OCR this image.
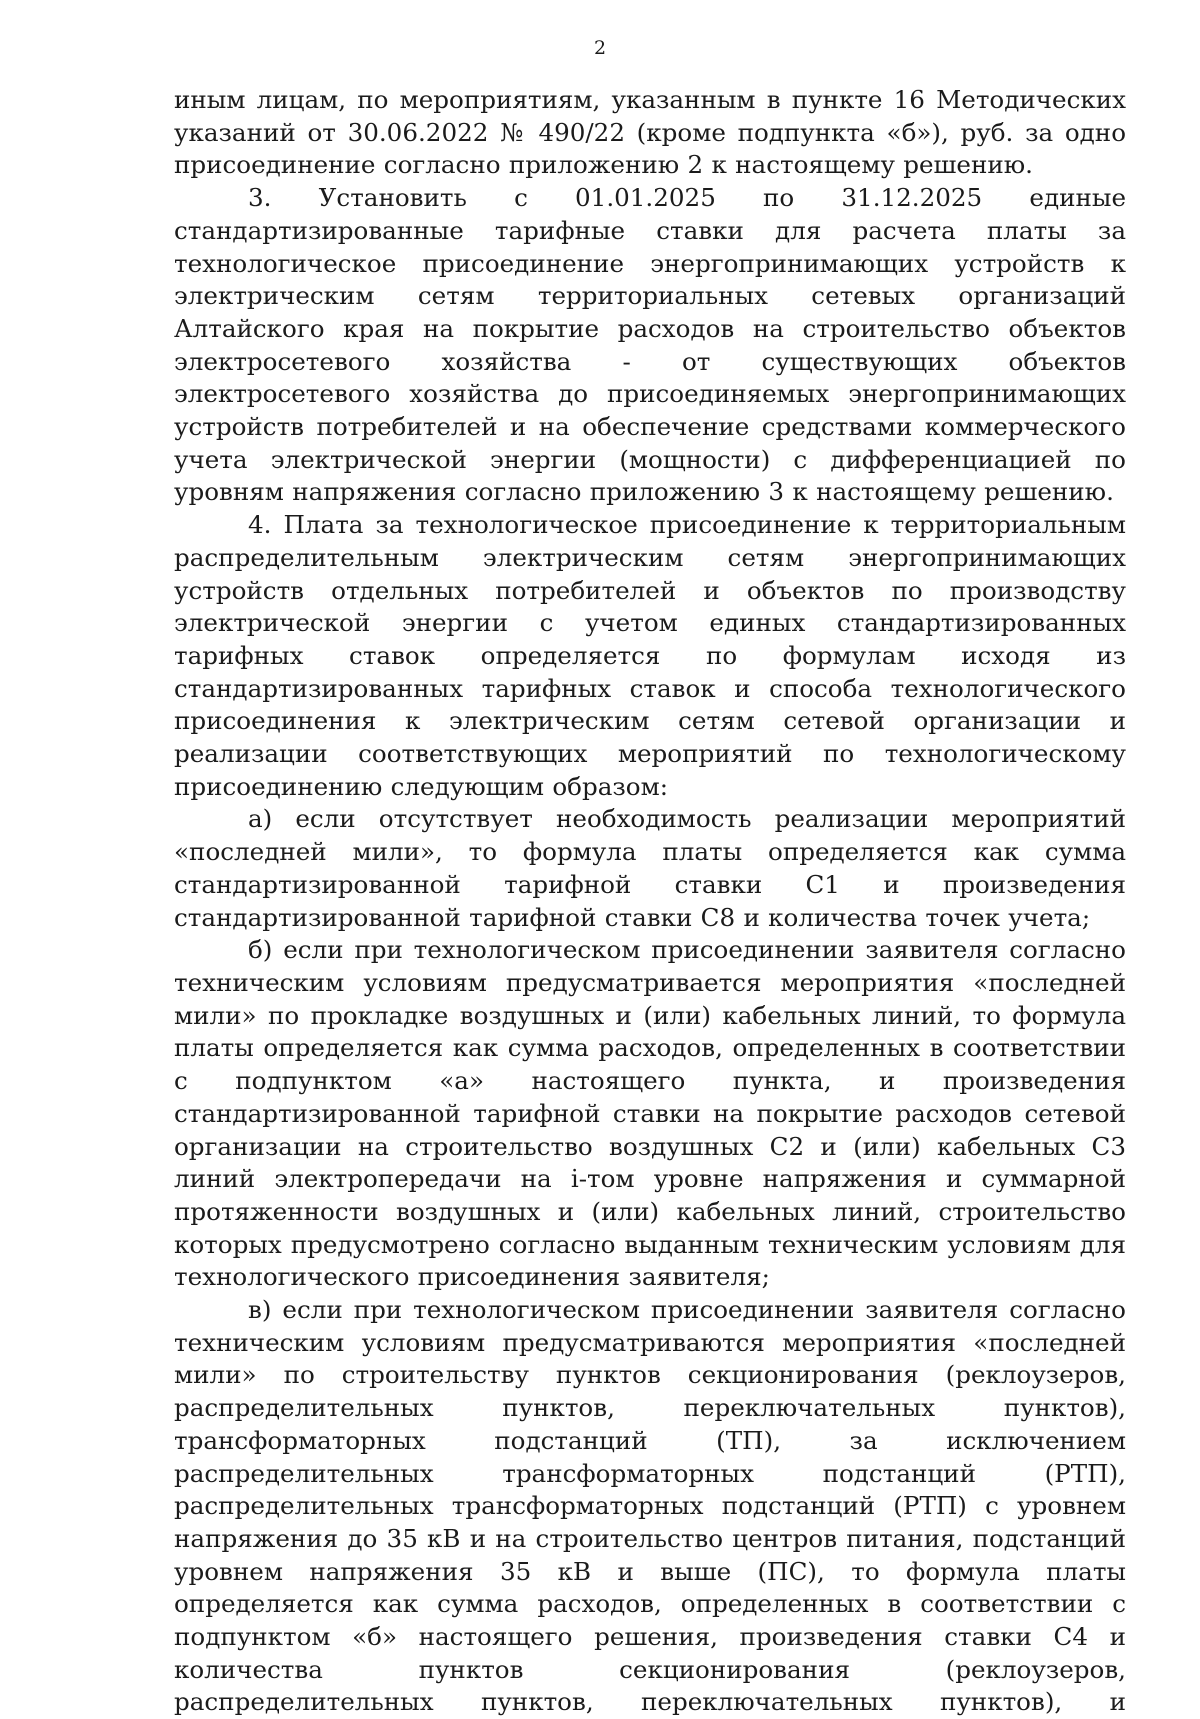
2

иным лицам, по мероприятиям, указанным в пункте 16 Методических указаний от 30.06.2022 № 490/22 (кроме подпункта «б»), руб. за одно присоединение согласно приложению 2 к настоящему решению.

3. Установить с 01.01.2025 по 31.12.2025 единые стандартизированные тарифные ставки для расчета платы за технологическое присоединение энергопринимающих устройств к электрическим сетям территориальных сетевых организаций Алтайского края на покрытие расходов на строительство объектов электросетевого хозяйства - от существующих объектов электросетевого хозяйства до присоединяемых энергопринимающих устройств потребителей и на обеспечение средствами коммерческого учета электрической энергии (мощности) с дифференциацией по уровням напряжения согласно приложению 3 к настоящему решению.

4. Плата за технологическое присоединение к территориальным распределительным электрическим сетям энергопринимающих устройств отдельных потребителей и объектов по производству электрической энергии с учетом единых стандартизированных тарифных ставок определяется по формулам исходя из стандартизированных тарифных ставок и способа технологического присоединения к электрическим сетям сетевой организации и реализации соответствующих мероприятий по технологическому присоединению следующим образом:

а) если отсутствует необходимость реализации мероприятий «последней мили», то формула платы определяется как сумма стандартизированной тарифной ставки С1 и произведения стандартизированной тарифной ставки С8 и количества точек учета;

б) если при технологическом присоединении заявителя согласно техническим условиям предусматривается мероприятия «последней мили» по прокладке воздушных и (или) кабельных линий, то формула платы определяется как сумма расходов, определенных в соответствии с подпунктом «а» настоящего пункта, и произведения стандартизированной тарифной ставки на покрытие расходов сетевой организации на строительство воздушных С2 и (или) кабельных С3 линий электропередачи на i-том уровне напряжения и суммарной протяженности воздушных и (или) кабельных линий, строительство которых предусмотрено согласно выданным техническим условиям для технологического присоединения заявителя;

в) если при технологическом присоединении заявителя согласно техническим условиям предусматриваются мероприятия «последней мили» по строительству пунктов секционирования (реклоузеров, распределительных пунктов, переключательных пунктов), трансформаторных подстанций (ТП), за исключением распределительных трансформаторных подстанций (РТП), распределительных трансформаторных подстанций (РТП) с уровнем напряжения до 35 кВ и на строительство центров питания, подстанций уровнем напряжения 35 кВ и выше (ПС), то формула платы определяется как сумма расходов, определенных в соответствии с подпунктом «б» настоящего решения, произведения ставки С4 и количества пунктов секционирования (реклоузеров, распределительных пунктов, переключательных пунктов), и
